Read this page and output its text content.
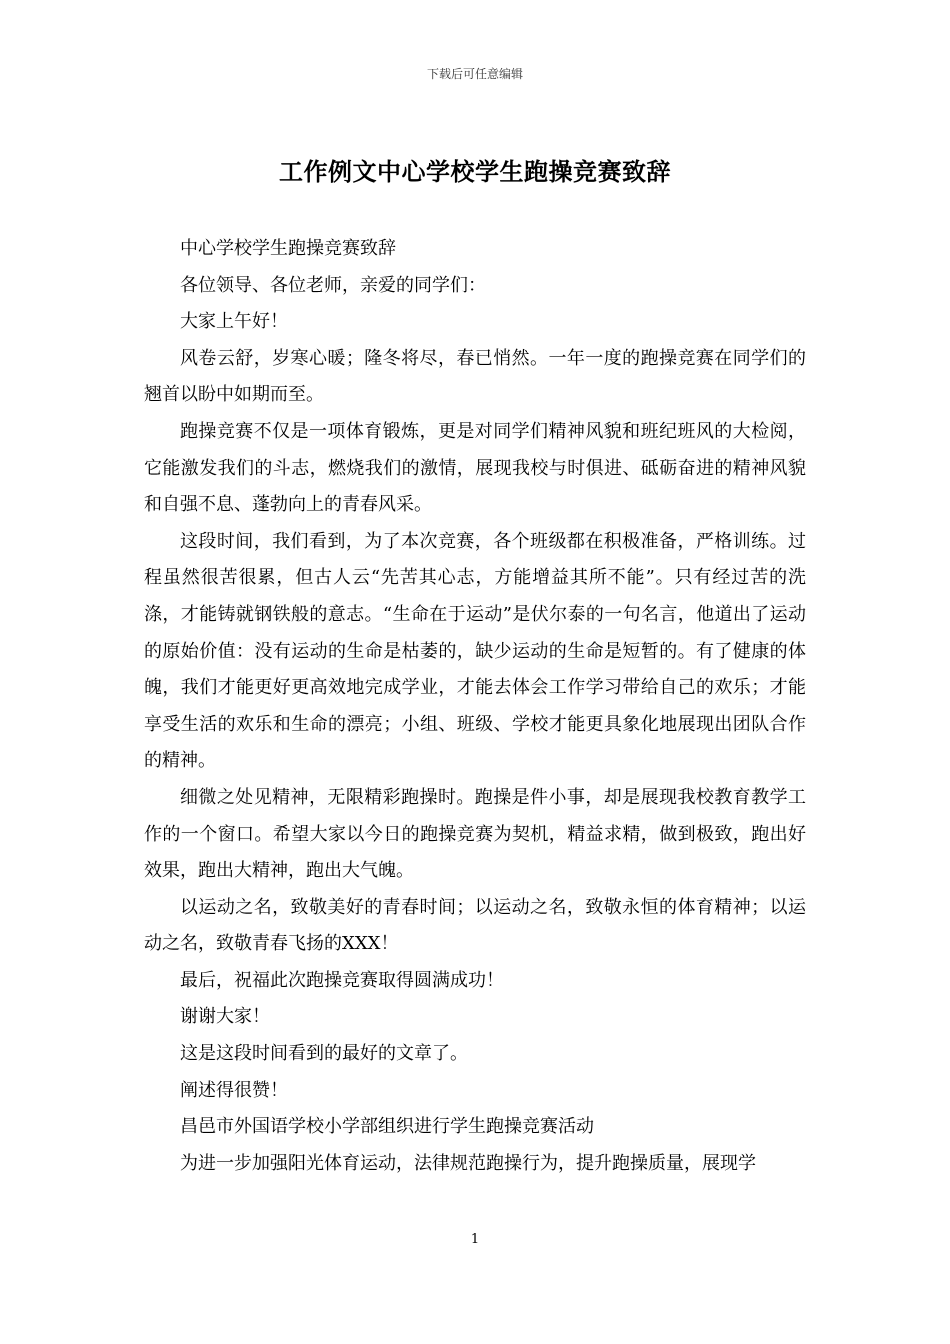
下载后可任意编辑
工作例文中心学校学生跑操竞赛致辞

中心学校学生跑操竞赛致辞

各位领导、各位老师，亲爱的同学们：

大家上午好！

风卷云舒，岁寒心暖；隆冬将尽，春已悄然。一年一度的跑操竞赛在同学们的翘首以盼中如期而至。

跑操竞赛不仅是一项体育锻炼，更是对同学们精神风貌和班纪班风的大检阅，它能激发我们的斗志，燃烧我们的激情，展现我校与时俱进、砥砺奋进的精神风貌和自强不息、蓬勃向上的青春风采。

这段时间，我们看到，为了本次竞赛，各个班级都在积极准备，严格训练。过程虽然很苦很累，但古人云“先苦其心志，方能增益其所不能”。只有经过苦的洗涤，才能铸就钢铁般的意志。“生命在于运动”是伏尔泰的一句名言，他道出了运动的原始价值：没有运动的生命是枯萎的，缺少运动的生命是短暂的。有了健康的体魄，我们才能更好更高效地完成学业，才能去体会工作学习带给自己的欢乐；才能享受生活的欢乐和生命的漂亮；小组、班级、学校才能更具象化地展现出团队合作的精神。

细微之处见精神，无限精彩跑操时。跑操是件小事，却是展现我校教育教学工作的一个窗口。希望大家以今日的跑操竞赛为契机，精益求精，做到极致，跑出好效果，跑出大精神，跑出大气魄。

以运动之名，致敬美好的青春时间；以运动之名，致敬永恒的体育精神；以运动之名，致敬青春飞扬的XXX！

最后，祝福此次跑操竞赛取得圆满成功！

谢谢大家！

这是这段时间看到的最好的文章了。

阐述得很赞！

昌邑市外国语学校小学部组织进行学生跑操竞赛活动

为进一步加强阳光体育运动，法律规范跑操行为，提升跑操质量，展现学

1
